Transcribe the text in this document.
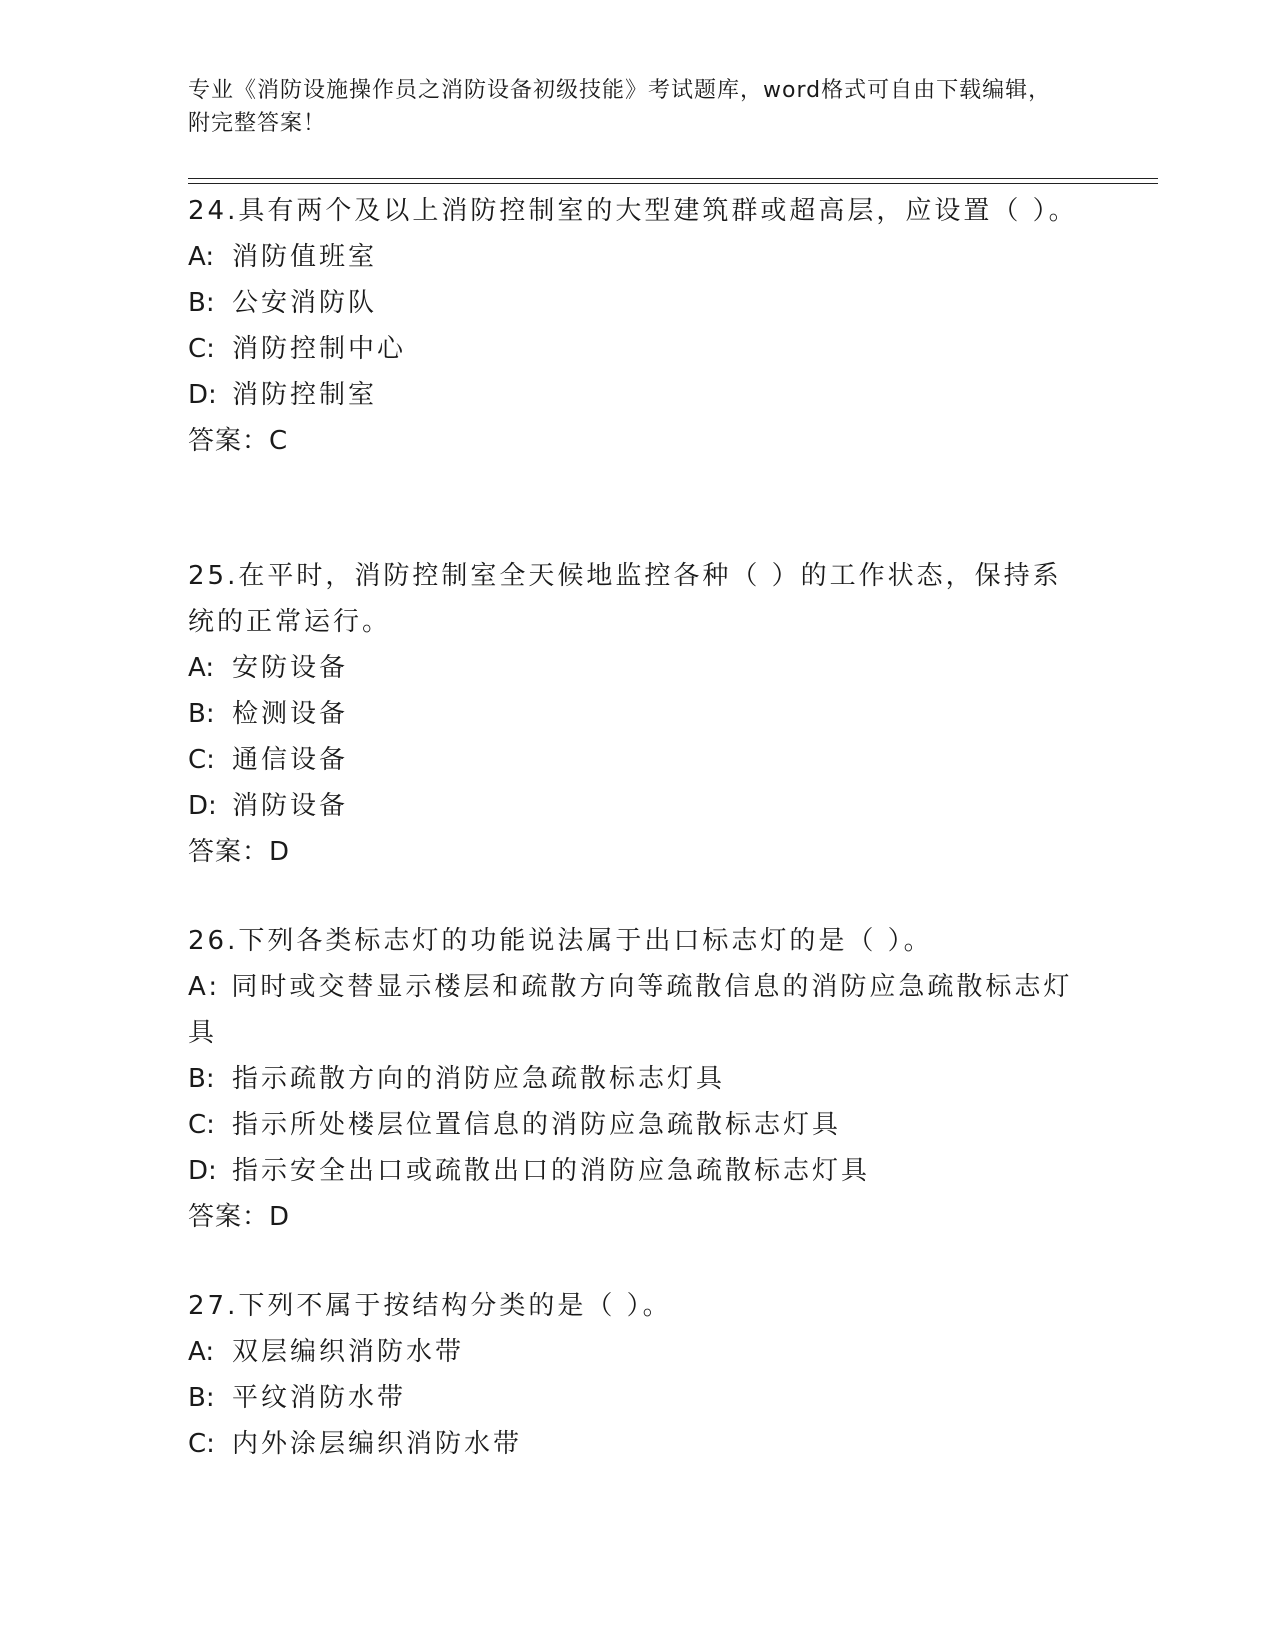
专业《消防设施操作员之消防设备初级技能》考试题库，word格式可自由下载编辑，附完整答案！

24.具有两个及以上消防控制室的大型建筑群或超高层，应设置（ ）。

A: 消防值班室

B: 公安消防队

C: 消防控制中心

D: 消防控制室

答案：C

25.在平时，消防控制室全天候地监控各种（ ）的工作状态，保持系统的正常运行。

A: 安防设备

B: 检测设备

C: 通信设备

D: 消防设备

答案：D

26.下列各类标志灯的功能说法属于出口标志灯的是（ ）。

A: 同时或交替显示楼层和疏散方向等疏散信息的消防应急疏散标志灯具

B: 指示疏散方向的消防应急疏散标志灯具

C: 指示所处楼层位置信息的消防应急疏散标志灯具

D: 指示安全出口或疏散出口的消防应急疏散标志灯具

答案：D

27.下列不属于按结构分类的是（ ）。

A: 双层编织消防水带

B: 平纹消防水带

C: 内外涂层编织消防水带
